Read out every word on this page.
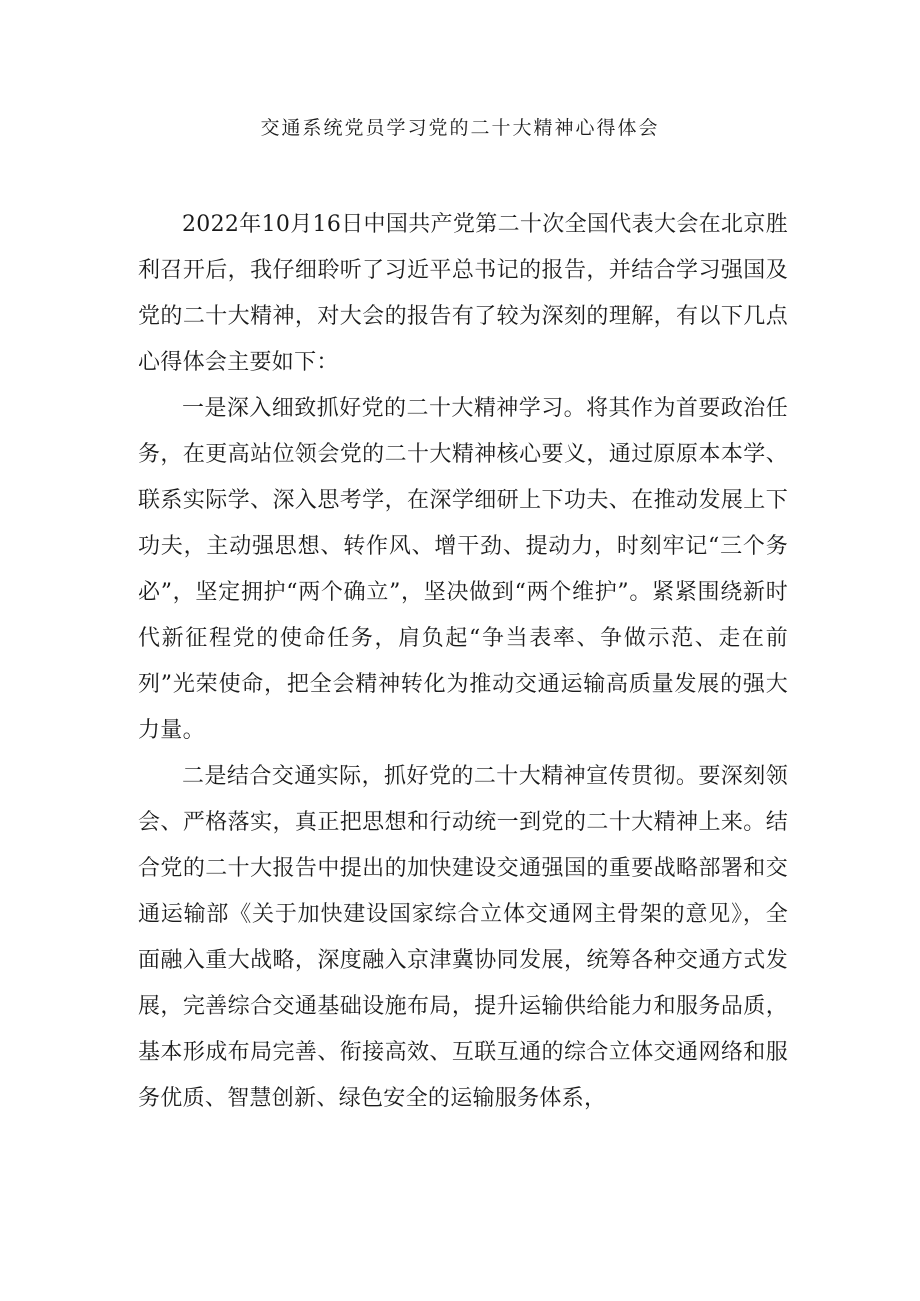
交通系统党员学习党的二十大精神心得体会

2022年10月16日中国共产党第二十次全国代表大会在北京胜利召开后，我仔细聆听了习近平总书记的报告，并结合学习强国及党的二十大精神，对大会的报告有了较为深刻的理解，有以下几点心得体会主要如下：

一是深入细致抓好党的二十大精神学习。将其作为首要政治任务，在更高站位领会党的二十大精神核心要义，通过原原本本学、联系实际学、深入思考学，在深学细研上下功夫、在推动发展上下功夫，主动强思想、转作风、增干劲、提动力，时刻牢记“三个务必”，坚定拥护“两个确立”，坚决做到“两个维护”。紧紧围绕新时代新征程党的使命任务，肩负起“争当表率、争做示范、走在前列”光荣使命，把全会精神转化为推动交通运输高质量发展的强大力量。

二是结合交通实际，抓好党的二十大精神宣传贯彻。要深刻领会、严格落实，真正把思想和行动统一到党的二十大精神上来。结合党的二十大报告中提出的加快建设交通强国的重要战略部署和交通运输部《关于加快建设国家综合立体交通网主骨架的意见》，全面融入重大战略，深度融入京津冀协同发展，统筹各种交通方式发展，完善综合交通基础设施布局，提升运输供给能力和服务品质，基本形成布局完善、衔接高效、互联互通的综合立体交通网络和服务优质、智慧创新、绿色安全的运输服务体系，
